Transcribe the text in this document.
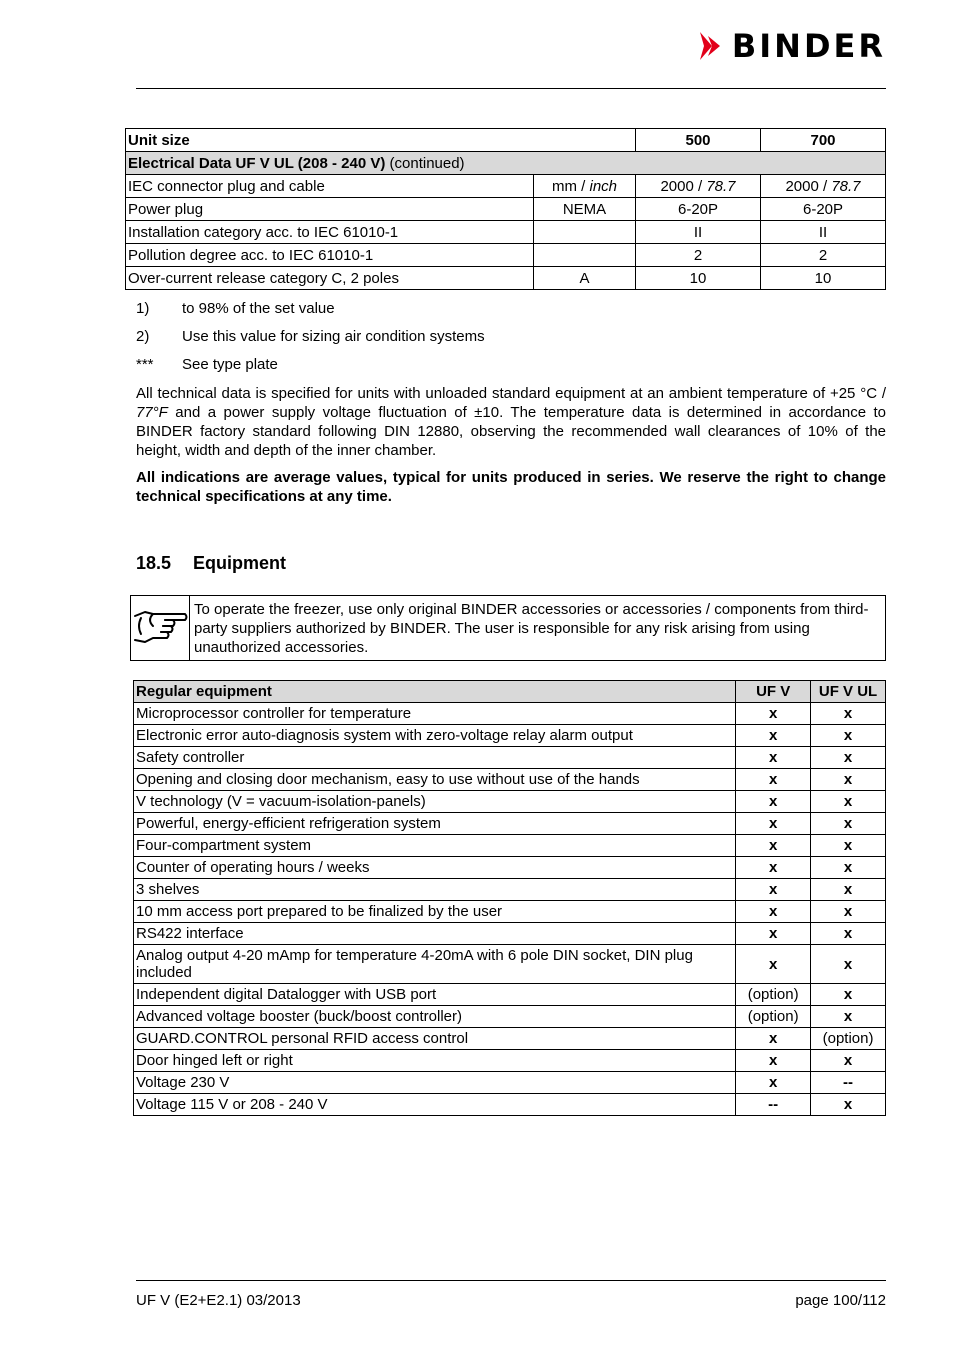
BINDER
Unit size		500	700
Electrical Data UF V UL (208 - 240 V) (continued)			
IEC connector plug and cable	mm / inch	2000 / 78.7	2000 / 78.7
Power plug	NEMA	6-20P	6-20P
Installation category acc. to IEC 61010-1		II	II
Pollution degree acc. to IEC 61010-1		2	2
Over-current release category C, 2 poles	A	10	10
1) to 98% of the set value
2) Use this value for sizing air condition systems
*** See type plate
All technical data is specified for units with unloaded standard equipment at an ambient temperature of +25 °C / 77°F and a power supply voltage fluctuation of ±10. The temperature data is determined in accordance to BINDER factory standard following DIN 12880, observing the recommended wall clearances of 10% of the height, width and depth of the inner chamber.
All indications are average values, typical for units produced in series. We reserve the right to change technical specifications at any time.
18.5 Equipment
To operate the freezer, use only original BINDER accessories or accessories / components from third-party suppliers authorized by BINDER. The user is responsible for any risk arising from using unauthorized accessories.
Regular equipment	UF V	UF V UL
Microprocessor controller for temperature	x	x
Electronic error auto-diagnosis system with zero-voltage relay alarm output	x	x
Safety controller	x	x
Opening and closing door mechanism, easy to use without use of the hands	x	x
V technology (V = vacuum-isolation-panels)	x	x
Powerful, energy-efficient refrigeration system	x	x
Four-compartment system	x	x
Counter of operating hours / weeks	x	x
3 shelves	x	x
10 mm access port prepared to be finalized by the user	x	x
RS422 interface	x	x
Analog output 4-20 mAmp for temperature 4-20mA with 6 pole DIN socket, DIN plug included	x	x
Independent digital Datalogger with USB port	(option)	x
Advanced voltage booster (buck/boost controller)	(option)	x
GUARD.CONTROL personal RFID access control	x	(option)
Door hinged left or right	x	x
Voltage 230 V	x	--
Voltage 115 V or 208 - 240 V	--	x
UF V (E2+E2.1) 03/2013	page 100/112
